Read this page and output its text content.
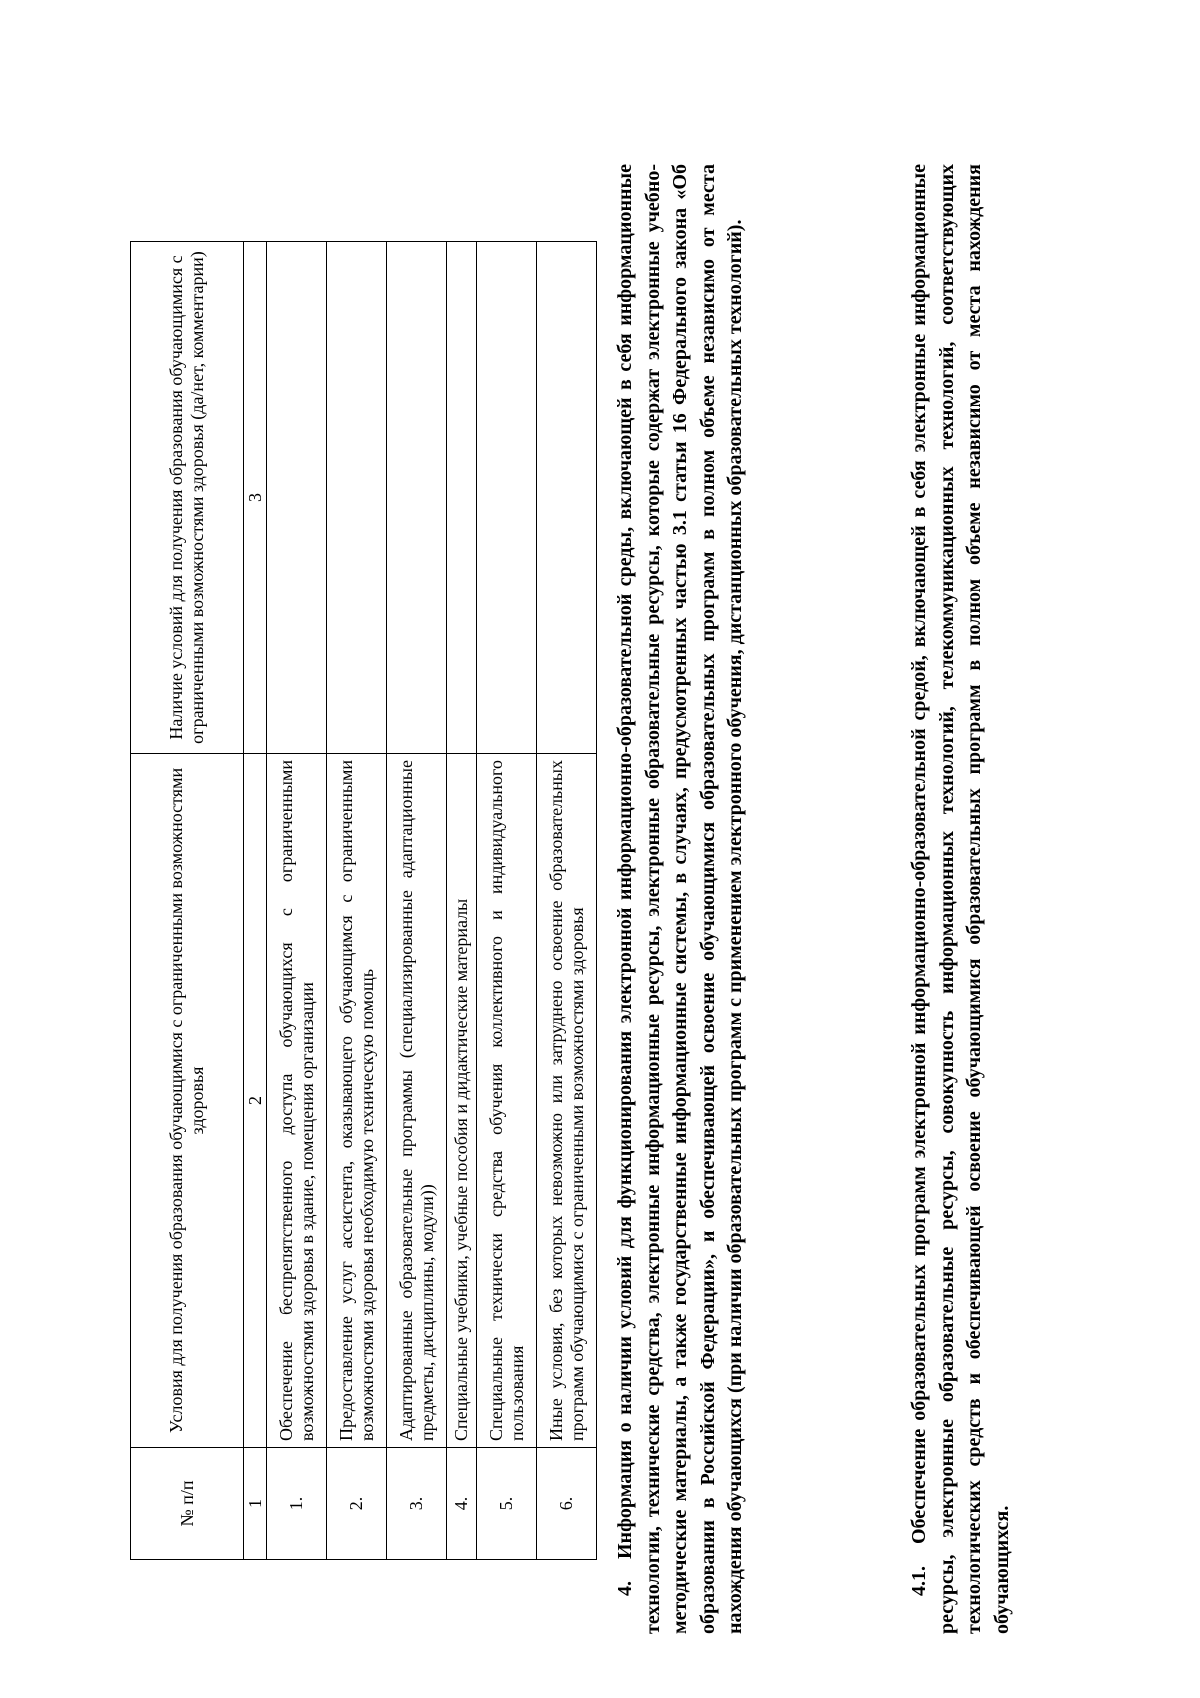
№ п/п	Условия для получения образования обучающимися с ограниченными возможностями здоровья	Наличие условий для получения образования обучающимися с ограниченными возможностями здоровья (да/нет, комментарии)
1	2	3
1.	Обеспечение беспрепятственного доступа обучающихся с ограниченными возможностями здоровья в здание, помещения организации	
2.	Предоставление услуг ассистента, оказывающего обучающимся с ограниченными возможностями здоровья необходимую техническую помощь	
3.	Адаптированные образовательные программы (специализированные адаптационные предметы, дисциплины, модули))	
4.	Специальные учебники, учебные пособия и дидактические материалы	
5.	Специальные технически средства обучения коллективного и индивидуального пользования	
6.	Иные условия, без которых невозможно или затруднено освоение образовательных программ обучающимися с ограниченными возможностями здоровья	
4.Информация о наличии условий для функционирования электронной информационно-образовательной среды, включающей в себя информационные технологии, технические средства, электронные информационные ресурсы, электронные образовательные ресурсы, которые содержат электронные учебно-методические материалы, а также государственные информационные системы, в случаях, предусмотренных частью 3.1 статьи 16 Федерального закона «Об образовании в Российской Федерации», и обеспечивающей освоение обучающимися образовательных программ в полном объеме независимо от места нахождения обучающихся (при наличии образовательных программ с применением электронного обучения, дистанционных образовательных технологий).	4.1.Обеспечение образовательных программ электронной информационно-образовательной средой, включающей в себя электронные информационные ресурсы, электронные образовательные ресурсы, совокупность информационных технологий, телекоммуникационных технологий, соответствующих технологических средств и обеспечивающей освоение обучающимися образовательных программ в полном объеме независимо от места нахождения обучающихся.
